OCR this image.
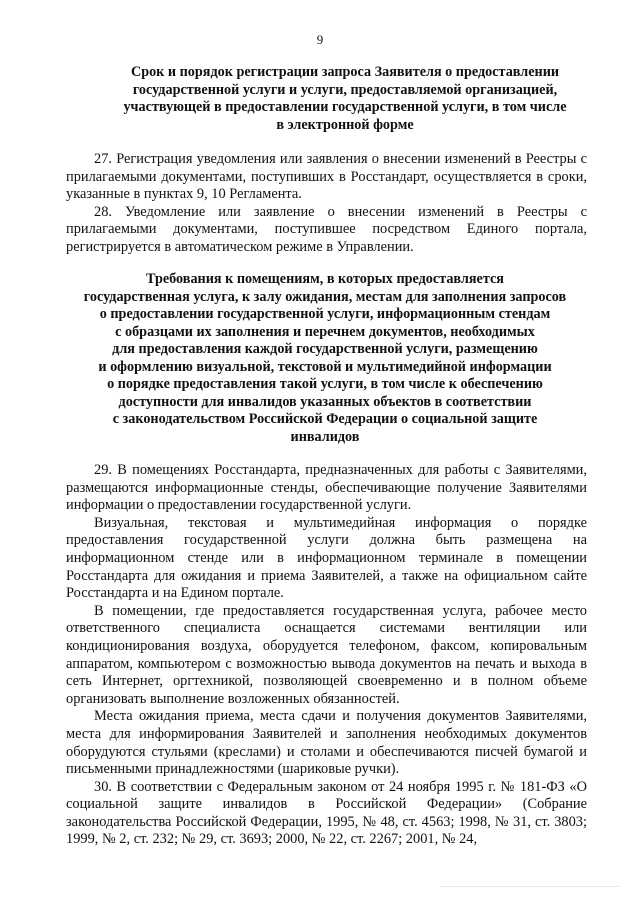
9
Срок и порядок регистрации запроса Заявителя о предоставлении
государственной услуги и услуги, предоставляемой организацией,
участвующей в предоставлении государственной услуги, в том числе
в электронной форме

27. Регистрация уведомления или заявления о внесении изменений в Реестры с прилагаемыми документами, поступивших в Росстандарт, осуществляется в сроки, указанные в пунктах 9, 10 Регламента.

28. Уведомление или заявление о внесении изменений в Реестры с прилагаемыми документами, поступившее посредством Единого портала, регистрируется в автоматическом режиме в Управлении.

Требования к помещениям, в которых предоставляется
государственная услуга, к залу ожидания, местам для заполнения запросов
о предоставлении государственной услуги, информационным стендам
с образцами их заполнения и перечнем документов, необходимых
для предоставления каждой государственной услуги, размещению
и оформлению визуальной, текстовой и мультимедийной информации
о порядке предоставления такой услуги, в том числе к обеспечению
доступности для инвалидов указанных объектов в соответствии
с законодательством Российской Федерации о социальной защите
инвалидов

29. В помещениях Росстандарта, предназначенных для работы с Заявителями, размещаются информационные стенды, обеспечивающие получение Заявителями информации о предоставлении государственной услуги.

Визуальная, текстовая и мультимедийная информация о порядке предоставления государственной услуги должна быть размещена на информационном стенде или в информационном терминале в помещении Росстандарта для ожидания и приема Заявителей, а также на официальном сайте Росстандарта и на Едином портале.

В помещении, где предоставляется государственная услуга, рабочее место ответственного специалиста оснащается системами вентиляции или кондиционирования воздуха, оборудуется телефоном, факсом, копировальным аппаратом, компьютером с возможностью вывода документов на печать и выхода в сеть Интернет, оргтехникой, позволяющей своевременно и в полном объеме организовать выполнение возложенных обязанностей.

Места ожидания приема, места сдачи и получения документов Заявителями, места для информирования Заявителей и заполнения необходимых документов оборудуются стульями (креслами) и столами и обеспечиваются писчей бумагой и письменными принадлежностями (шариковые ручки).

30. В соответствии с Федеральным законом от 24 ноября 1995 г. № 181-ФЗ «О социальной защите инвалидов в Российской Федерации» (Собрание законодательства Российской Федерации, 1995, № 48, ст. 4563; 1998, № 31, ст. 3803; 1999, № 2, ст. 232; № 29, ст. 3693; 2000, № 22, ст. 2267; 2001, № 24,
